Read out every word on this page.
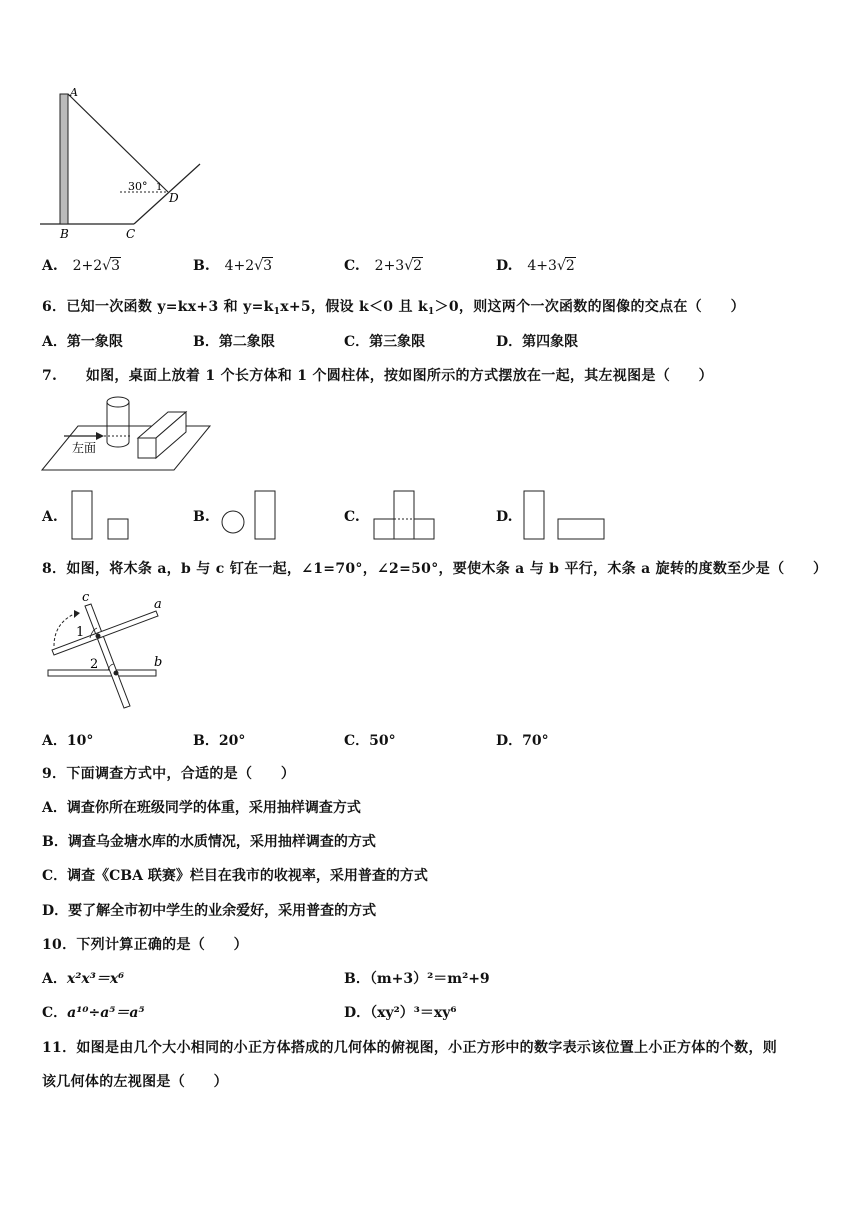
A
B	C
D
30° 1
A. 2+2√3	B. 4+2√3	C. 2+3√2	D. 4+3√2
6．已知一次函数 y=kx+3 和 $y=k_1x+5$，假设 k＜0 且 $k_1>0$，则这两个一次函数的图像的交点在（　　）
A．第一象限	B．第二象限	C．第三象限	D．第四象限
7.　　如图，桌面上放着 1 个长方体和 1 个圆柱体，按如图所示的方式摆放在一起，其左视图是（　　）
左面
A.	B.	C.	D.
8．如图，将木条 a，b 与 c 钉在一起，∠1=70°，∠2=50°，要使木条 a 与 b 平行，木条 a 旋转的度数至少是（　　）
c	a
b
1
2
A．10°	B．20°	C．50°	D．70°
9．下面调查方式中，合适的是（　　）
A．调查你所在班级同学的体重，采用抽样调查方式
B．调查乌金塘水库的水质情况，采用抽样调查的方式
C．调查《CBA 联赛》栏目在我市的收视率，采用普查的方式
D．要了解全市初中学生的业余爱好，采用普查的方式
10．下列计算正确的是（　　）
A．x²x³＝x⁶	B．（m+3）²＝m²+9
C．a¹⁰÷a⁵＝a⁵	D．（xy²）³＝xy⁶
11．如图是由几个大小相同的小正方体搭成的几何体的俯视图，小正方形中的数字表示该位置上小正方体的个数，则
该几何体的左视图是（　　）
